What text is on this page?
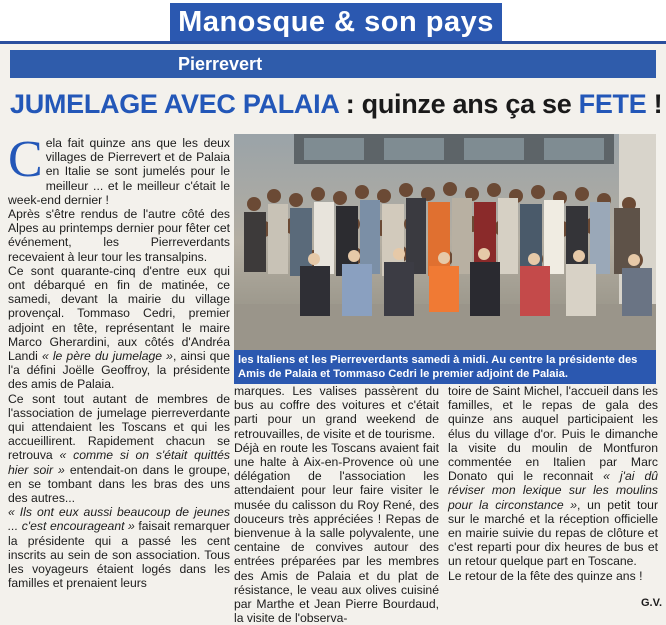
Manosque & son pays
Pierrevert
JUMELAGE AVEC PALAIA : quinze ans ça se FETE !

Cela fait quinze ans que les deux villages de Pierrevert et de Palaia en Italie se sont jumelés pour le meilleur ... et le meilleur c'était le week-end dernier !

Après s'être rendus de l'autre côté des Alpes au printemps dernier pour fêter cet événement, les Pierreverdants recevaient à leur tour les transalpins.

Ce sont quarante-cinq d'entre eux qui ont débarqué en fin de matinée, ce samedi, devant la mairie du village provençal. Tommaso Cedri, premier adjoint en tête, représentant le maire Marco Gherardini, aux côtés d'Andréa Landi « le père du jumelage », ainsi que l'a défini Joëlle Geoffroy, la présidente des amis de Palaia.

Ce sont tout autant de membres de l'association de jumelage pierreverdante qui attendaient les Toscans et qui les accueillirent. Rapidement chacun se retrouva « comme si on s'était quittés hier soir » entendait-on dans le groupe, en se tombant dans les bras des uns des autres...

« Ils ont eux aussi beaucoup de jeunes ... c'est encourageant » faisait remarquer la présidente qui a passé les cent inscrits au sein de son association. Tous les voyageurs étaient logés dans les familles et prenaient leurs

les Italiens et les Pierreverdants samedi à midi. Au centre la présidente des Amis de Palaia et Tommaso Cedri le premier adjoint de Palaia.

marques. Les valises passèrent du bus au coffre des voitures et c'était parti pour un grand weekend de retrouvailles, de visite et de tourisme.

Déjà en route les Toscans avaient fait une halte à Aix-en-Provence où une délégation de l'association les attendaient pour leur faire visiter le musée du calisson du Roy René, des douceurs très appréciées ! Repas de bienvenue à la salle polyvalente, une centaine de convives autour des entrées préparées par les membres des Amis de Palaia et du plat de résistance, le veau aux olives cuisiné par Marthe et Jean Pierre Bourdaud, la visite de l'observa-

toire de Saint Michel, l'accueil dans les familles, et le repas de gala des quinze ans auquel participaient les élus du village d'or. Puis le dimanche la visite du moulin de Montfuron commentée en Italien par Marc Donato qui le reconnait « j'ai dû réviser mon lexique sur les moulins pour la circonstance », un petit tour sur le marché et la réception officielle en mairie suivie du repas de clôture et c'est reparti pour dix heures de bus et un retour quelque part en Toscane.

Le retour de la fête des quinze ans !

G.V.
